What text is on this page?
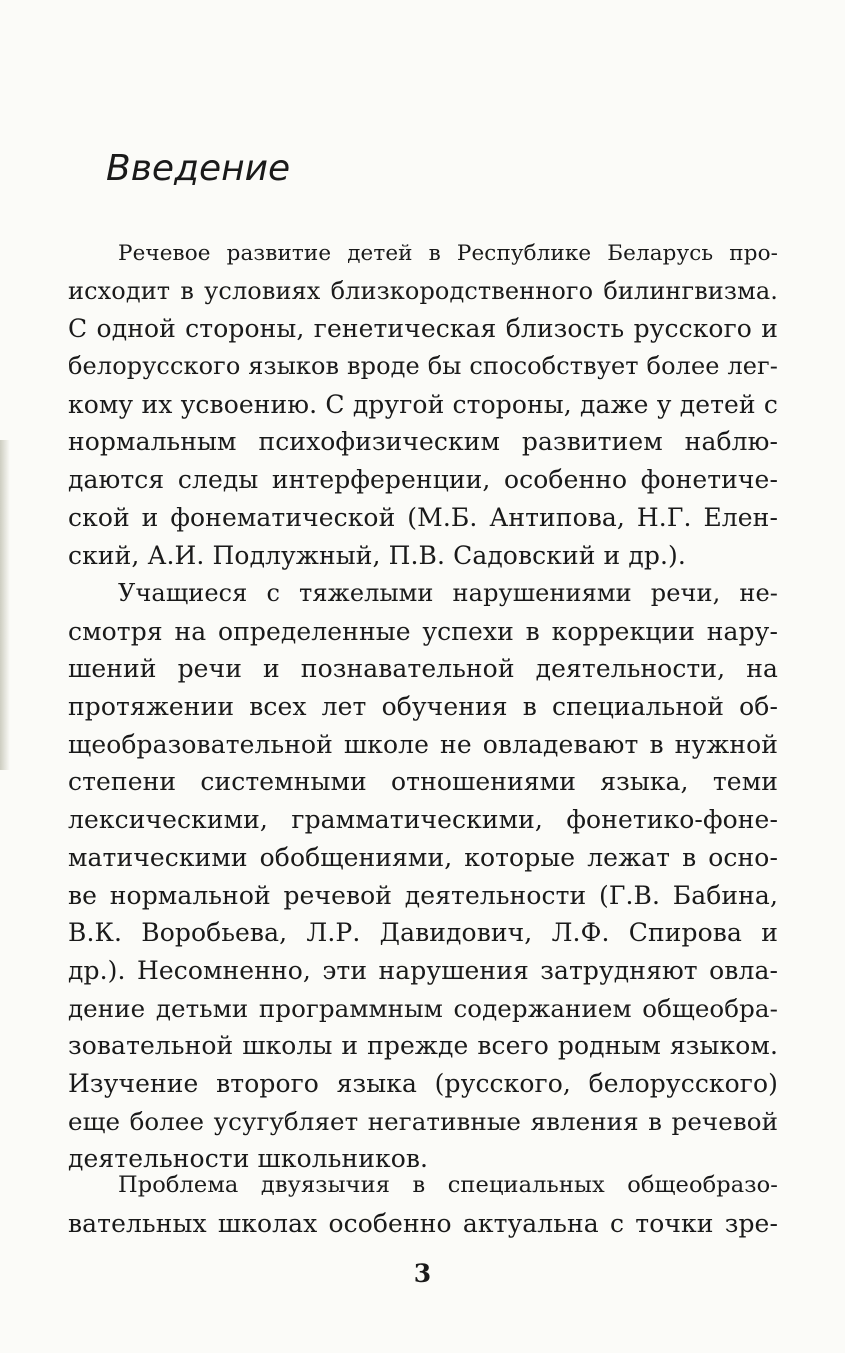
Введение
Речевое развитие детей в Республике Беларусь про-
исходит в условиях близкородственного билингвизма.
С одной стороны, генетическая близость русского и
белорусского языков вроде бы способствует более лег-
кому их усвоению. С другой стороны, даже у детей с
нормальным психофизическим развитием наблю-
даются следы интерференции, особенно фонетиче-
ской и фонематической (М.Б. Антипова, Н.Г. Елен-
ский, А.И. Подлужный, П.В. Садовский и др.).
Учащиеся с тяжелыми нарушениями речи, не-
смотря на определенные успехи в коррекции нару-
шений речи и познавательной деятельности, на
протяжении всех лет обучения в специальной об-
щеобразовательной школе не овладевают в нужной
степени системными отношениями языка, теми
лексическими, грамматическими, фонетико-фоне-
матическими обобщениями, которые лежат в осно-
ве нормальной речевой деятельности (Г.В. Бабина,
В.К. Воробьева, Л.Р. Давидович, Л.Ф. Спирова и
др.). Несомненно, эти нарушения затрудняют овла-
дение детьми программным содержанием общеобра-
зовательной школы и прежде всего родным языком.
Изучение второго языка (русского, белорусского)
еще более усугубляет негативные явления в речевой
деятельности школьников.
Проблема двуязычия в специальных общеобразо-
вательных школах особенно актуальна с точки зре-
3
